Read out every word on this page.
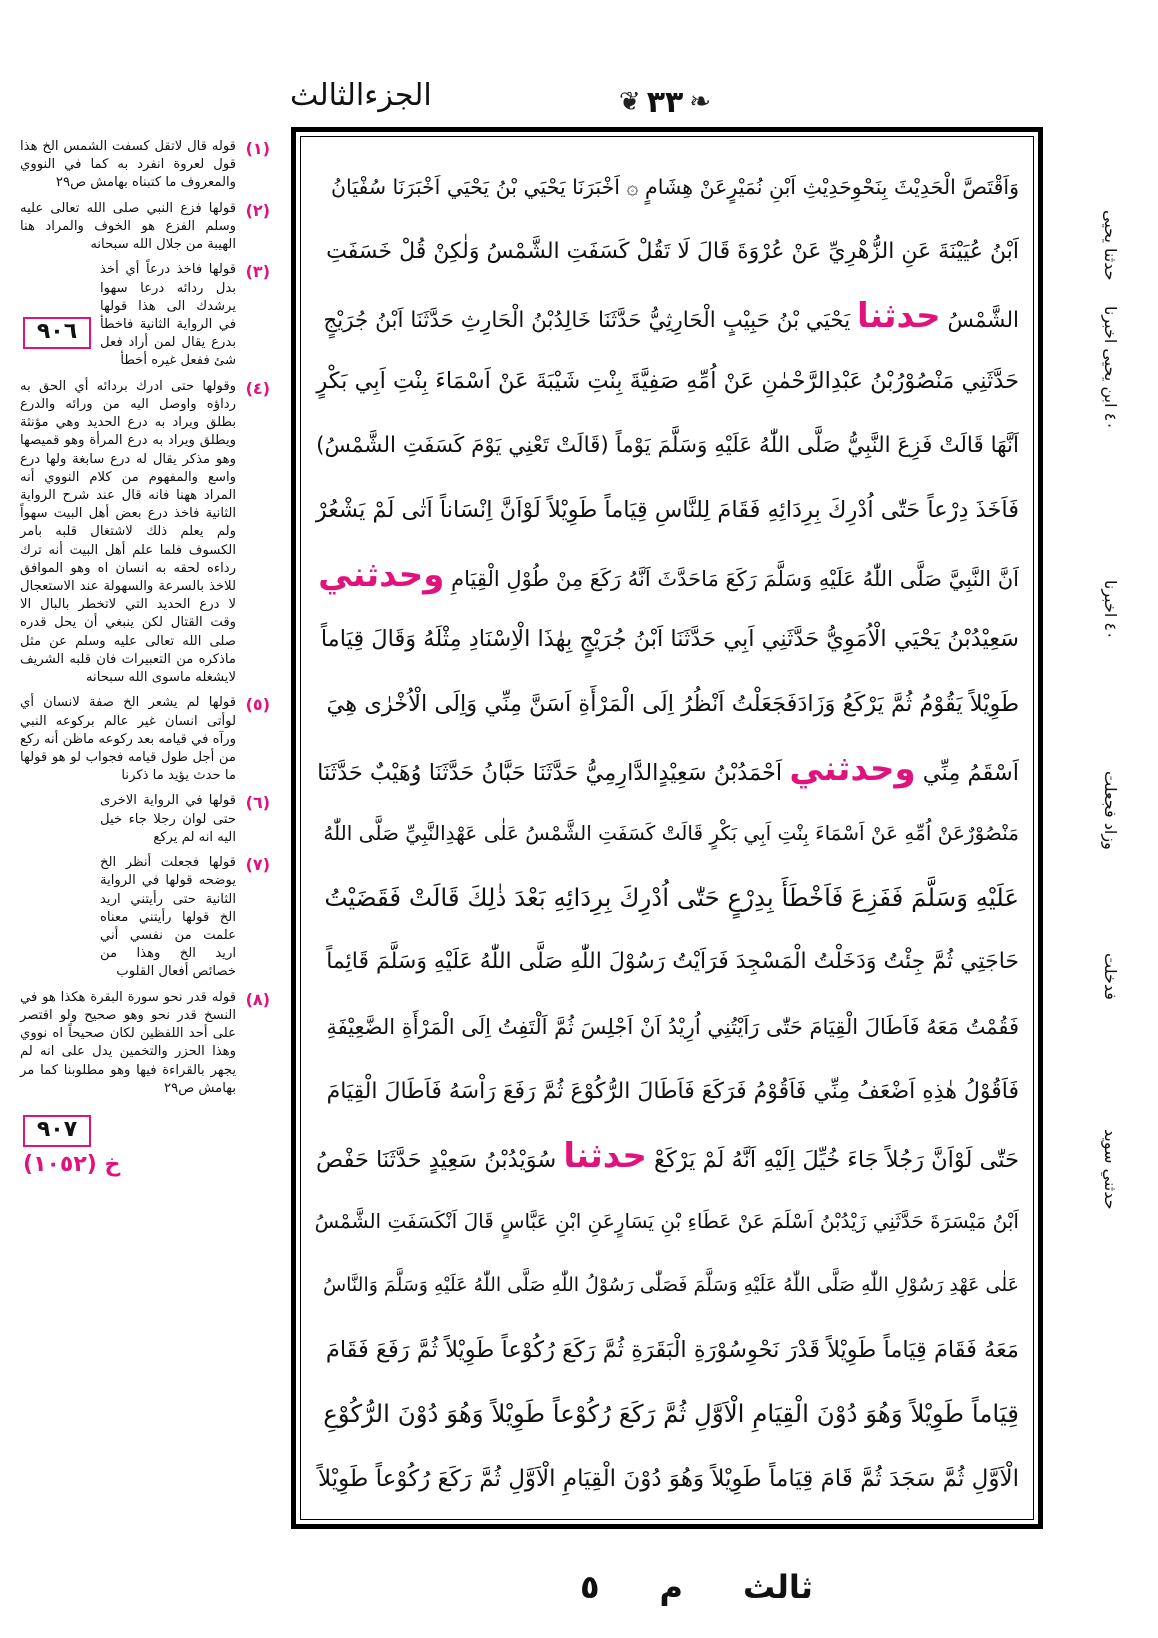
الجزءالثالث	❦ ۳۳ ❧
وَاَقْتَصَّ الْحَدِيْثَ بِنَحْوِحَدِيْثِ اَبْنِ نُمَيْرٍعَنْ هِشَامٍ ۞ اَخْبَرَنَا يَحْيَي بْنُ يَحْيَي اَخْبَرَنَا سُفْيَانُ
اَبْنُ عُيَيْنَةَ عَنِ الزُّهْرِيِّ عَنْ عُرْوَةَ قَالَ لَا تَقُلْ كَسَفَتِ الشَّمْسُ وَلٰكِنْ قُلْ خَسَفَتِ
الشَّمْسُ حدثنا يَحْيَي بْنُ حَبِيْبٍ الْحَارِثِيُّ حَدَّثَنَا خَالِدُبْنُ الْحَارِثِ حَدَّثَنَا اَبْنُ جُرَيْجٍ
حَدَّثَنِي مَنْصُوْرُبْنُ عَبْدِالرَّحْمٰنِ عَنْ اُمِّهِ صَفِيَّةَ بِنْتِ شَيْبَةَ عَنْ اَسْمَاءَ بِنْتِ اَبِي بَكْرٍ
اَنَّهَا قَالَتْ فَزِعَ النَّبِيُّ صَلَّى اللّٰهُ عَلَيْهِ وَسَلَّمَ يَوْماً (قَالَتْ تَعْنِي يَوْمَ كَسَفَتِ الشَّمْسُ)
فَاَخَذَ دِرْعاً حَتّٰى اُدْرِكَ بِرِدَائِهِ فَقَامَ لِلنَّاسِ قِيَاماً طَوِيْلاً لَوْاَنَّ اِنْسَاناً اَتٰى لَمْ يَشْعُرْ
اَنَّ النَّبِيَّ صَلَّى اللّٰهُ عَلَيْهِ وَسَلَّمَ رَكَعَ مَاحَدَّثَ اَنَّهُ رَكَعَ مِنْ طُوْلِ الْقِيَامِ وحدثني
سَعِيْدُبْنُ يَحْيَي الْاُمَوِيُّ حَدَّثَنِي اَبِي حَدَّثَنَا اَبْنُ جُرَيْجٍ بِهٰذَا الْاِسْنَادِ مِثْلَهُ وَقَالَ قِيَاماً
طَوِيْلاً يَقُوْمُ ثُمَّ يَرْكَعُ وَزَادَفَجَعَلْتُ اَنْظُرُ اِلَى الْمَرْأَةِ اَسَنَّ مِنِّي وَاِلَى الْاُخْرٰى هِيَ
اَسْقَمُ مِنِّي وحدثني اَحْمَدُبْنُ سَعِيْدٍالدَّارِمِيُّ حَدَّثَنَا حَبَّانُ حَدَّثَنَا وُهَيْبٌ حَدَّثَنَا
مَنْصُوْرٌعَنْ اُمِّهِ عَنْ اَسْمَاءَ بِنْتِ اَبِي بَكْرٍ قَالَتْ كَسَفَتِ الشَّمْسُ عَلٰى عَهْدِالنَّبِيِّ صَلَّى اللّٰهُ
عَلَيْهِ وَسَلَّمَ فَفَزِعَ فَاَخْطَأَ بِدِرْعٍ حَتّٰى اُدْرِكَ بِرِدَائِهِ بَعْدَ ذٰلِكَ قَالَتْ فَقَضَيْتُ
حَاجَتِي ثُمَّ جِئْتُ وَدَخَلْتُ الْمَسْجِدَ فَرَاَيْتُ رَسُوْلَ اللّٰهِ صَلَّى اللّٰهُ عَلَيْهِ وَسَلَّمَ قَائِماً
فَقُمْتُ مَعَهُ فَاَطَالَ الْقِيَامَ حَتّٰى رَاَيْتُنِي اُرِيْدُ اَنْ اَجْلِسَ ثُمَّ اَلْتَفِتُ اِلَى الْمَرْأَةِ الضَّعِيْفَةِ
فَاَقُوْلُ هٰذِهِ اَضْعَفُ مِنِّي فَاَقُوْمُ فَرَكَعَ فَاَطَالَ الرُّكُوْعَ ثُمَّ رَفَعَ رَاْسَهُ فَاَطَالَ الْقِيَامَ
حَتّٰى لَوْاَنَّ رَجُلاً جَاءَ خُيِّلَ اِلَيْهِ اَنَّهُ لَمْ يَرْكَعْ حدثنا سُوَيْدُبْنُ سَعِيْدٍ حَدَّثَنَا حَفْصُ
اَبْنُ مَيْسَرَةَ حَدَّثَنِي زَيْدُبْنُ اَسْلَمَ عَنْ عَطَاءِ بْنِ يَسَارٍعَنِ ابْنِ عَبَّاسٍ قَالَ اَنْكَسَفَتِ الشَّمْسُ
عَلٰى عَهْدِ رَسُوْلِ اللّٰهِ صَلَّى اللّٰهُ عَلَيْهِ وَسَلَّمَ فَصَلّٰى رَسُوْلُ اللّٰهِ صَلَّى اللّٰهُ عَلَيْهِ وَسَلَّمَ وَالنَّاسُ
مَعَهُ فَقَامَ قِيَاماً طَوِيْلاً قَدْرَ نَحْوِسُوْرَةِ الْبَقَرَةِ ثُمَّ رَكَعَ رُكُوْعاً طَوِيْلاً ثُمَّ رَفَعَ فَقَامَ
قِيَاماً طَوِيْلاً وَهُوَ دُوْنَ الْقِيَامِ الْاَوَّلِ ثُمَّ رَكَعَ رُكُوْعاً طَوِيْلاً وَهُوَ دُوْنَ الرُّكُوْعِ
الْاَوَّلِ ثُمَّ سَجَدَ ثُمَّ قَامَ قِيَاماً طَوِيْلاً وَهُوَ دُوْنَ الْقِيَامِ الْاَوَّلِ ثُمَّ رَكَعَ رُكُوْعاً طَوِيْلاً
٩٠٦
٩٠٧
خ (١٠٥٢)
(١)
قوله قال لاتقل كسفت الشمس الخ هذا قول لعروة انفرد به كما في النووي والمعروف ما كتبناه بهامش ص٢٩
(٢)
قولها فزع النبي صلى الله تعالى عليه وسلم الفزع هو الخوف والمراد هنا الهيبة من جلال الله سبحانه
(٣)
قولها فاخذ درعاً أي أخذ بدل ردائه درعا سهوا يرشدك الى هذا قولها في الرواية الثانية فاخطأ بدرع يقال لمن أراد فعل شئ ففعل غيره أخطأ
(٤)
وقولها حتى ادرك بردائه أي الحق به رداؤه واوصل اليه من ورائه والدرع بطلق ويراد به درع الحديد وهي مؤنثة ويطلق ويراد به درع المرأة وهو قميصها وهو مذكر يقال له درع سابغة ولها درع واسع والمفهوم من كلام النووي أنه المراد ههنا فانه قال عند شرح الرواية الثانية فاخذ درع بعض أهل البيت سهواً ولم يعلم ذلك لاشتغال قلبه بامر الكسوف فلما علم أهل البيت أنه ترك رداءه لحقه به انسان اه وهو الموافق للاخذ بالسرعة والسهولة عند الاستعجال لا درع الحديد التي لاتخطر بالبال الا وقت القتال لكن ينبغي أن يحل قدره صلى الله تعالى عليه وسلم عن مثل ماذكره من التعبيرات فان قلبه الشريف لايشغله ماسوى الله سبحانه
(٥)
قولها لم يشعر الخ صفة لانسان أي لوأتى انسان غير عالم بركوعه النبي ورآه في قيامه بعد ركوعه ماظن أنه ركع من أجل طول قيامه فجواب لو هو قولها ما حدث يؤيد ما ذكرنا
(٦)
قولها في الرواية الاخرى حتى لوان رجلا جاء خيل اليه انه لم يركع
(٧)
قولها فجعلت أنظر الخ يوضحه قولها في الرواية الثانية حتى رأيتني اريد الخ قولها رأيتني معناه علمت من نفسي أني اريد الخ وهذا من خصائص أفعال القلوب
(٨)
قوله قدر نحو سورة البقرة هكذا هو في النسخ قدر نحو وهو صحيح ولو اقتصر على أحد اللفظين لكان صحيحاً اه نووي وهذا الحزر والتخمين يدل على انه لم يجهر بالقراءة فيها وهو مطلوبنا كما مر بهامش ص٢٩
حدثنا يحيى
٤٠ ابن يحيى اخبرنا
٤٠ اخبرنا
وزاد فجعلت
فدخلت
حدثني سويد
ثالث
م
٥
